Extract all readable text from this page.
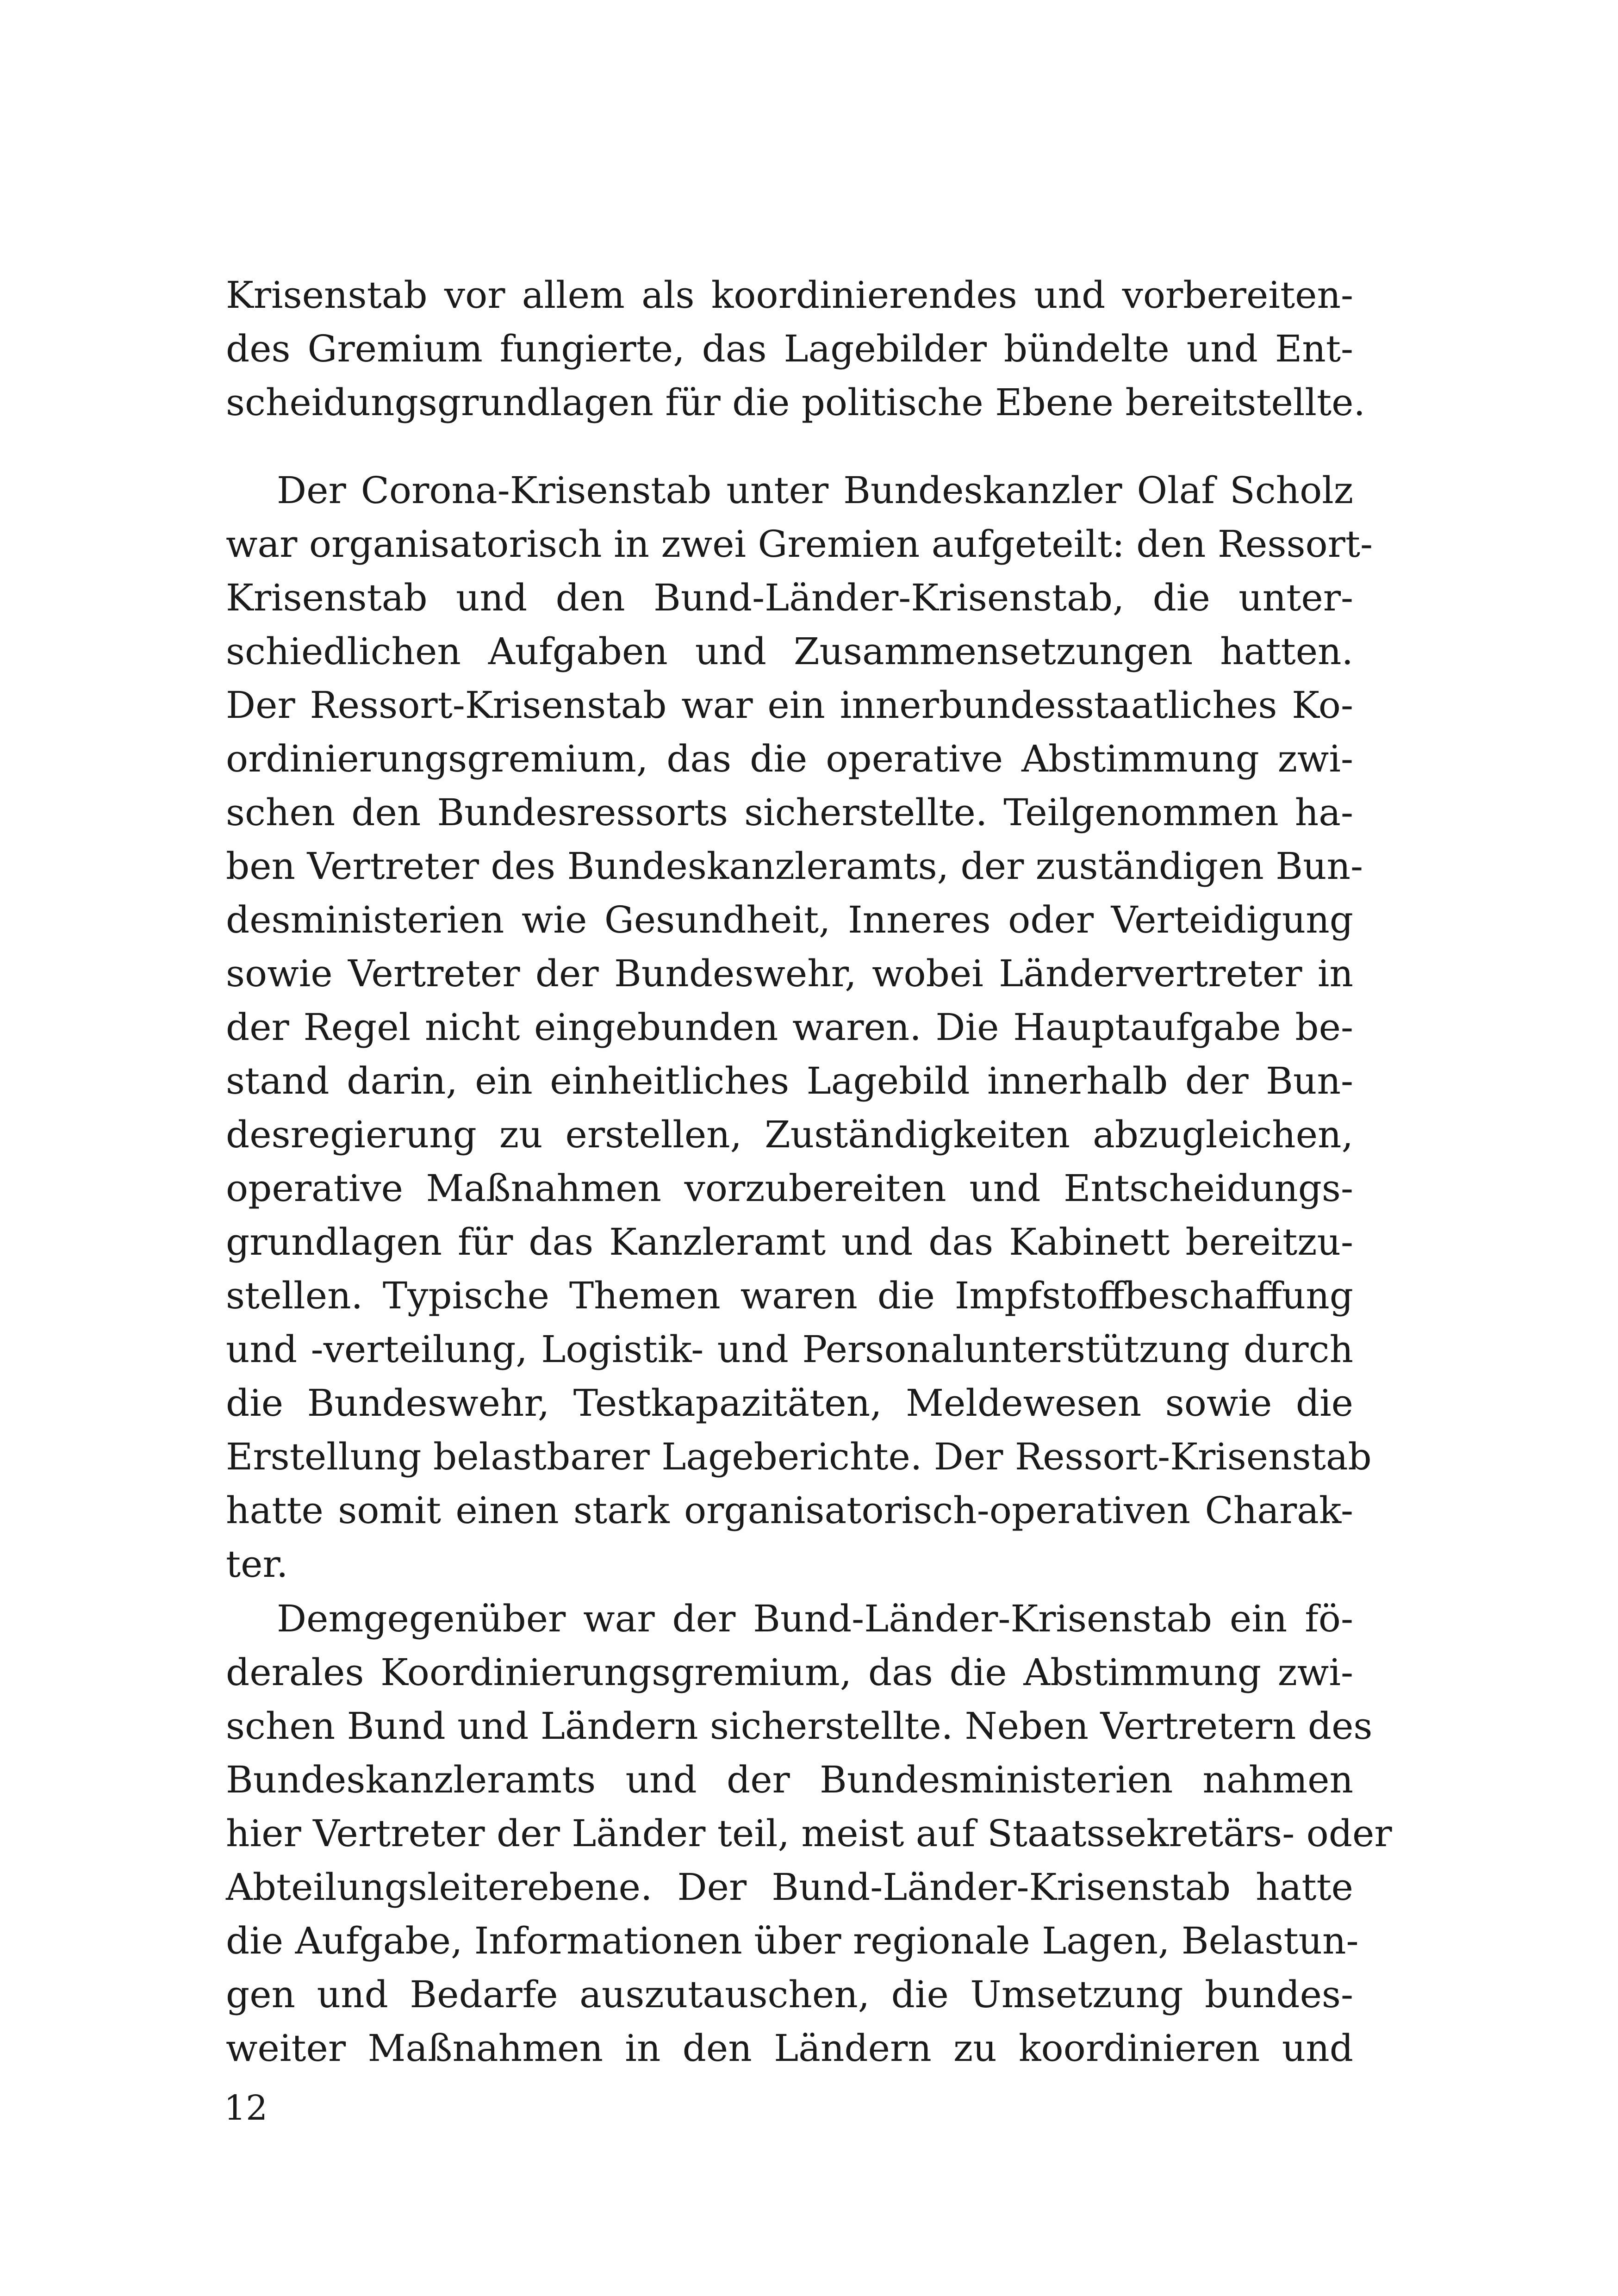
Krisenstab vor allem als koordinierendes und vorbereiten-
des Gremium fungierte, das Lagebilder bündelte und Ent-
scheidungsgrundlagen für die politische Ebene bereitstellte.
Der Corona-Krisenstab unter Bundeskanzler Olaf Scholz
war organisatorisch in zwei Gremien aufgeteilt: den Ressort-
Krisenstab und den Bund-Länder-Krisenstab, die unter-
schiedlichen Aufgaben und Zusammensetzungen hatten.
Der Ressort-Krisenstab war ein innerbundesstaatliches Ko-
ordinierungsgremium, das die operative Abstimmung zwi-
schen den Bundesressorts sicherstellte. Teilgenommen ha-
ben Vertreter des Bundeskanzleramts, der zuständigen Bun-
desministerien wie Gesundheit, Inneres oder Verteidigung
sowie Vertreter der Bundeswehr, wobei Ländervertreter in
der Regel nicht eingebunden waren. Die Hauptaufgabe be-
stand darin, ein einheitliches Lagebild innerhalb der Bun-
desregierung zu erstellen, Zuständigkeiten abzugleichen,
operative Maßnahmen vorzubereiten und Entscheidungs-
grundlagen für das Kanzleramt und das Kabinett bereitzu-
stellen. Typische Themen waren die Impfstoffbeschaffung
und -verteilung, Logistik- und Personalunterstützung durch
die Bundeswehr, Testkapazitäten, Meldewesen sowie die
Erstellung belastbarer Lageberichte. Der Ressort-Krisenstab
hatte somit einen stark organisatorisch-operativen Charak-
ter.
Demgegenüber war der Bund-Länder-Krisenstab ein fö-
derales Koordinierungsgremium, das die Abstimmung zwi-
schen Bund und Ländern sicherstellte. Neben Vertretern des
Bundeskanzleramts und der Bundesministerien nahmen
hier Vertreter der Länder teil, meist auf Staatssekretärs- oder
Abteilungsleiterebene. Der Bund-Länder-Krisenstab hatte
die Aufgabe, Informationen über regionale Lagen, Belastun-
gen und Bedarfe auszutauschen, die Umsetzung bundes-
weiter Maßnahmen in den Ländern zu koordinieren und
12
